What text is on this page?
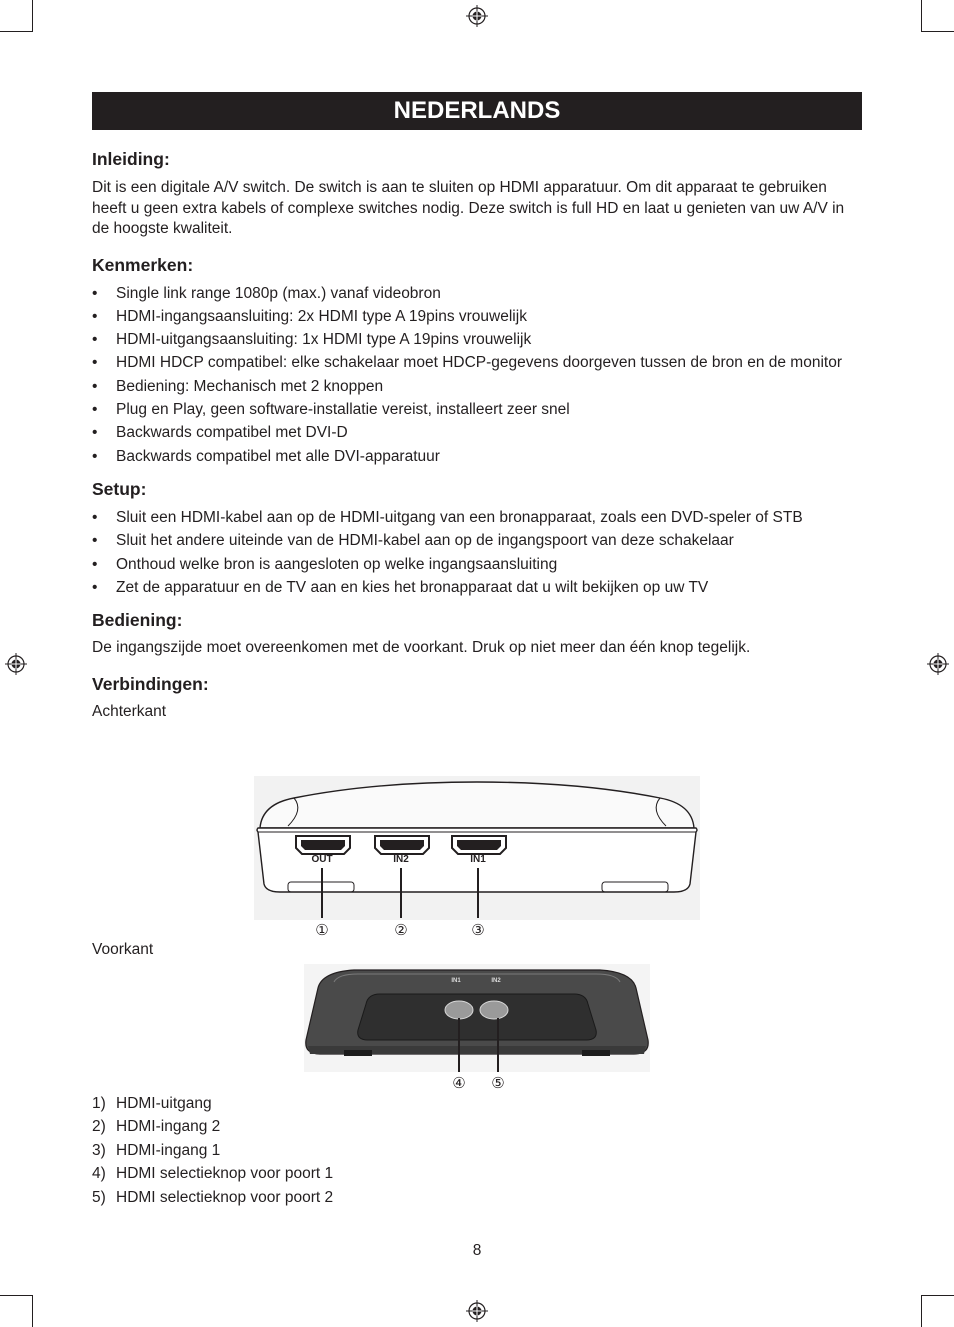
NEDERLANDS
Inleiding:

Dit is een digitale A/V switch. De switch is aan te sluiten op HDMI apparatuur. Om dit apparaat te gebruiken heeft u geen extra kabels of complexe switches nodig. Deze switch is full HD en laat u genieten van uw A/V in de hoogste kwaliteit.

Kenmerken:
• Single link range 1080p (max.) vanaf videobron
• HDMI-ingangsaansluiting: 2x HDMI type A 19pins vrouwelijk
• HDMI-uitgangsaansluiting: 1x HDMI type A 19pins vrouwelijk
• HDMI HDCP compatibel: elke schakelaar moet HDCP-gegevens doorgeven tussen de bron en de monitor
• Bediening: Mechanisch met 2 knoppen
• Plug en Play, geen software-installatie vereist, installeert zeer snel
• Backwards compatibel met DVI-D
• Backwards compatibel met alle DVI-apparatuur
Setup:
• Sluit een HDMI-kabel aan op de HDMI-uitgang van een bronapparaat, zoals een DVD-speler of STB
• Sluit het andere uiteinde van de HDMI-kabel aan op de ingangspoort van deze schakelaar
• Onthoud welke bron is aangesloten op welke ingangsaansluiting
• Zet de apparatuur en de TV aan en kies het bronapparaat dat u wilt bekijken op uw TV
Bediening:

De ingangszijde moet overeenkomen met de voorkant. Druk op niet meer dan één knop tegelijk.

Verbindingen:

Achterkant

OUT	IN2	IN1
①	②	③

Voorkant

IN1	IN2
④ ⑤
1) HDMI-uitgang
2) HDMI-ingang 2
3) HDMI-ingang 1
4) HDMI selectieknop voor poort 1
5) HDMI selectieknop voor poort 2
8
